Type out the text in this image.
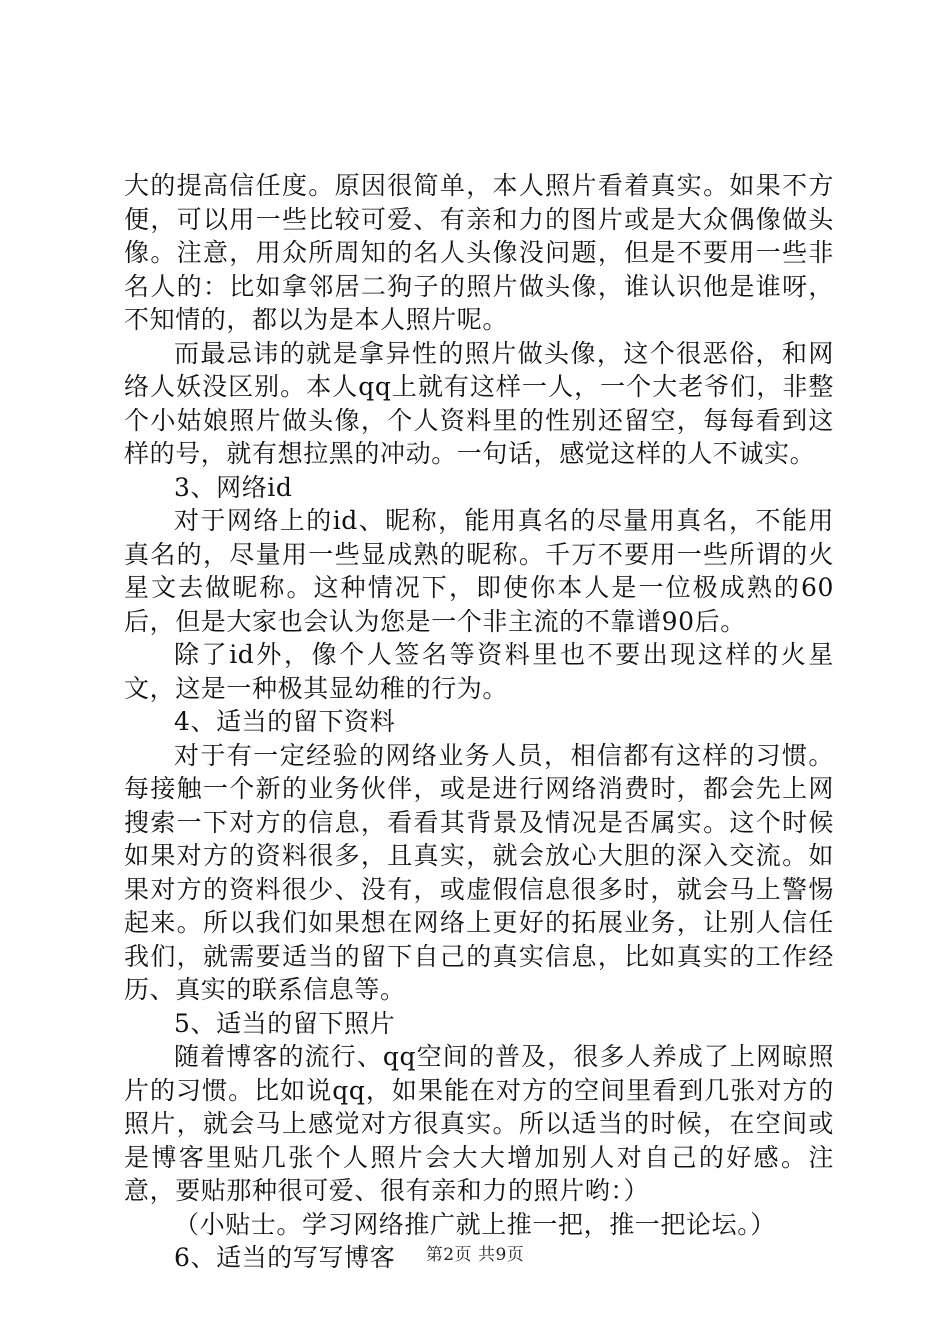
大的提高信任度。原因很简单，本人照片看着真实。如果不方便，可以用一些比较可爱、有亲和力的图片或是大众偶像做头像。注意，用众所周知的名人头像没问题，但是不要用一些非名人的：比如拿邻居二狗子的照片做头像，谁认识他是谁呀，不知情的，都以为是本人照片呢。

而最忌讳的就是拿异性的照片做头像，这个很恶俗，和网络人妖没区别。本人qq上就有这样一人，一个大老爷们，非整个小姑娘照片做头像，个人资料里的性别还留空，每每看到这样的号，就有想拉黑的冲动。一句话，感觉这样的人不诚实。

3、网络id

对于网络上的id、昵称，能用真名的尽量用真名，不能用真名的，尽量用一些显成熟的昵称。千万不要用一些所谓的火星文去做昵称。这种情况下，即使你本人是一位极成熟的60后，但是大家也会认为您是一个非主流的不靠谱90后。

除了id外，像个人签名等资料里也不要出现这样的火星文，这是一种极其显幼稚的行为。

4、适当的留下资料

对于有一定经验的网络业务人员，相信都有这样的习惯。每接触一个新的业务伙伴，或是进行网络消费时，都会先上网搜索一下对方的信息，看看其背景及情况是否属实。这个时候如果对方的资料很多，且真实，就会放心大胆的深入交流。如果对方的资料很少、没有，或虚假信息很多时，就会马上警惕起来。所以我们如果想在网络上更好的拓展业务，让别人信任我们，就需要适当的留下自己的真实信息，比如真实的工作经历、真实的联系信息等。

5、适当的留下照片

随着博客的流行、qq空间的普及，很多人养成了上网晾照片的习惯。比如说qq，如果能在对方的空间里看到几张对方的照片，就会马上感觉对方很真实。所以适当的时候，在空间或是博客里贴几张个人照片会大大增加别人对自己的好感。注意，要贴那种很可爱、很有亲和力的照片哟：）

（小贴士。学习网络推广就上推一把，推一把论坛。）

6、适当的写写博客	第2页 共9页
